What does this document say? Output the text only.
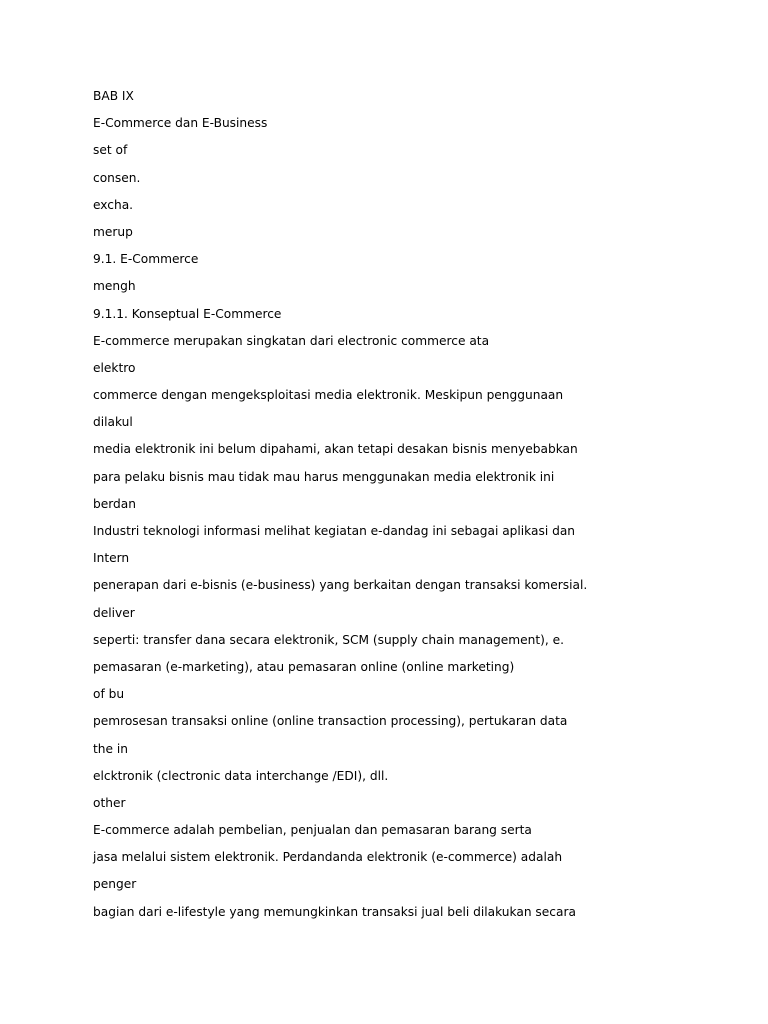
BAB IX
E-Commerce dan E-Business
set of
consen.
excha.
merup
9.1. E-Commerce
mengh
9.1.1. Konseptual E-Commerce
E-commerce merupakan singkatan dari electronic commerce ata
elektro
commerce dengan mengeksploitasi media elektronik. Meskipun penggunaan
dilakul
media elektronik ini belum dipahami, akan tetapi desakan bisnis menyebabkan
para pelaku bisnis mau tidak mau harus menggunakan media elektronik ini
berdan
Industri teknologi informasi melihat kegiatan e-dandag ini sebagai aplikasi dan
Intern
penerapan dari e-bisnis (e-business) yang berkaitan dengan transaksi komersial.
deliver
seperti: transfer dana secara elektronik, SCM (supply chain management), e.
pemasaran (e-marketing), atau pemasaran online (online marketing)
of bu
pemrosesan transaksi online (online transaction processing), pertukaran data
the in
elcktronik (clectronic data interchange /EDI), dll.
other
E-commerce adalah pembelian, penjualan dan pemasaran barang serta
jasa melalui sistem elektronik. Perdandanda elektronik (e-commerce) adalah
penger
bagian dari e-lifestyle yang memungkinkan transaksi jual beli dilakukan secara
